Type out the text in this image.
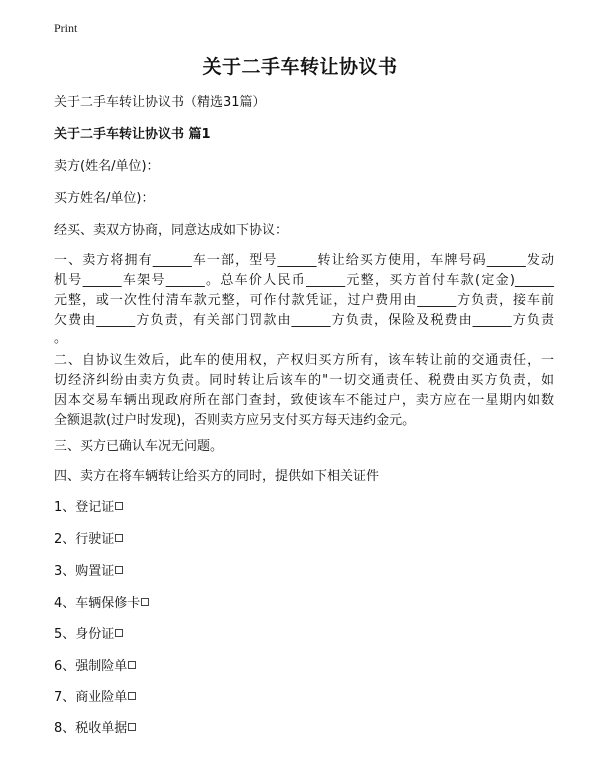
Print
关于二手车转让协议书
关于二手车转让协议书（精选31篇）
关于二手车转让协议书 篇1
卖方(姓名/单位)：
买方姓名/单位)：
经买、卖双方协商，同意达成如下协议：
一、卖方将拥有______车一部，型号______转让给买方使用，车牌号码______发动
机号______车架号______。总车价人民币______元整，买方首付车款(定金)______
元整，或一次性付清车款元整，可作付款凭证，过户费用由______方负责，接车前
欠费由______方负责，有关部门罚款由______方负责，保险及税费由______方负责
。
二、自协议生效后，此车的使用权，产权归买方所有，该车转让前的交通责任，一
切经济纠纷由卖方负责。同时转让后该车的"一切交通责任、税费由买方负责，如
因本交易车辆出现政府所在部门查封，致使该车不能过户，卖方应在一星期内如数
全额退款(过户时发现)，否则卖方应另支付买方每天违约金元。
三、买方已确认车况无问题。
四、卖方在将车辆转让给买方的同时，提供如下相关证件
1、登记证
2、行驶证
3、购置证
4、车辆保修卡
5、身份证
6、强制险单
7、商业险单
8、税收单据
